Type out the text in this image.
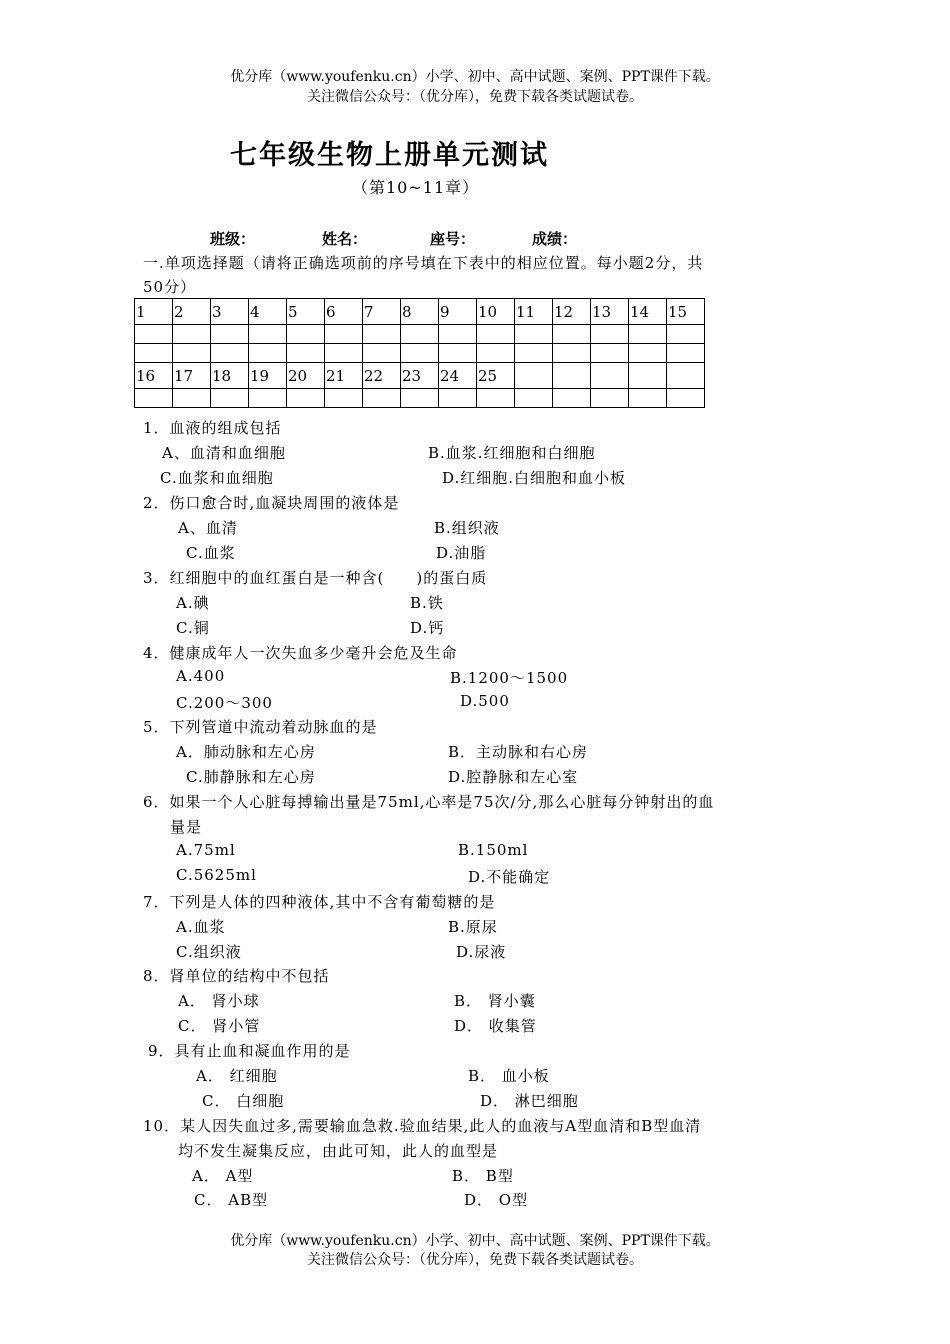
优分库（www.youfenku.cn）小学、初中、高中试题、案例、PPT课件下载。
关注微信公众号：（优分库），免费下载各类试题试卷。
七年级生物上册单元测试
（第10~11章）
班级：	姓名：	座号：	成绩：
一.单项选择题（请将正确选项前的序号填在下表中的相应位置。每小题2分，共
50分）
1	2	3	4	5	6	7	8	9	10	11	12	13	14	15

16	17	18	19	20	21	22	23	24	25					

1．血液的组成包括
A、血清和血细胞	B.血浆.红细胞和白细胞
C.血浆和血细胞	D.红细胞.白细胞和血小板
2．伤口愈合时,血凝块周围的液体是
A、血清	B.组织液
C.血浆	D.油脂
3．红细胞中的血红蛋白是一种含(　　)的蛋白质
A.碘	B.铁
C.铜	D.钙
4．健康成年人一次失血多少毫升会危及生命
A.400	B.1200～1500
C.200～300	D.500
5．下列管道中流动着动脉血的是
A．肺动脉和左心房	B．主动脉和右心房
C.肺静脉和左心房	D.腔静脉和左心室
6．如果一个人心脏每搏输出量是75ml,心率是75次/分,那么心脏每分钟射出的血
量是
A.75ml	B.150ml
C.5625ml	D.不能确定
7．下列是人体的四种液体,其中不含有葡萄糖的是
A.血浆	B.原尿
C.组织液	D.尿液
8．肾单位的结构中不包括
A． 肾小球	B． 肾小囊
C． 肾小管	D． 收集管
9．具有止血和凝血作用的是
A． 红细胞	B． 血小板
C． 白细胞	D． 淋巴细胞
10．某人因失血过多,需要输血急救.验血结果,此人的血液与A型血清和B型血清
均不发生凝集反应，由此可知，此人的血型是
A． A型	B． B型
C． AB型	D． O型
优分库（www.youfenku.cn）小学、初中、高中试题、案例、PPT课件下载。
关注微信公众号：（优分库），免费下载各类试题试卷。
